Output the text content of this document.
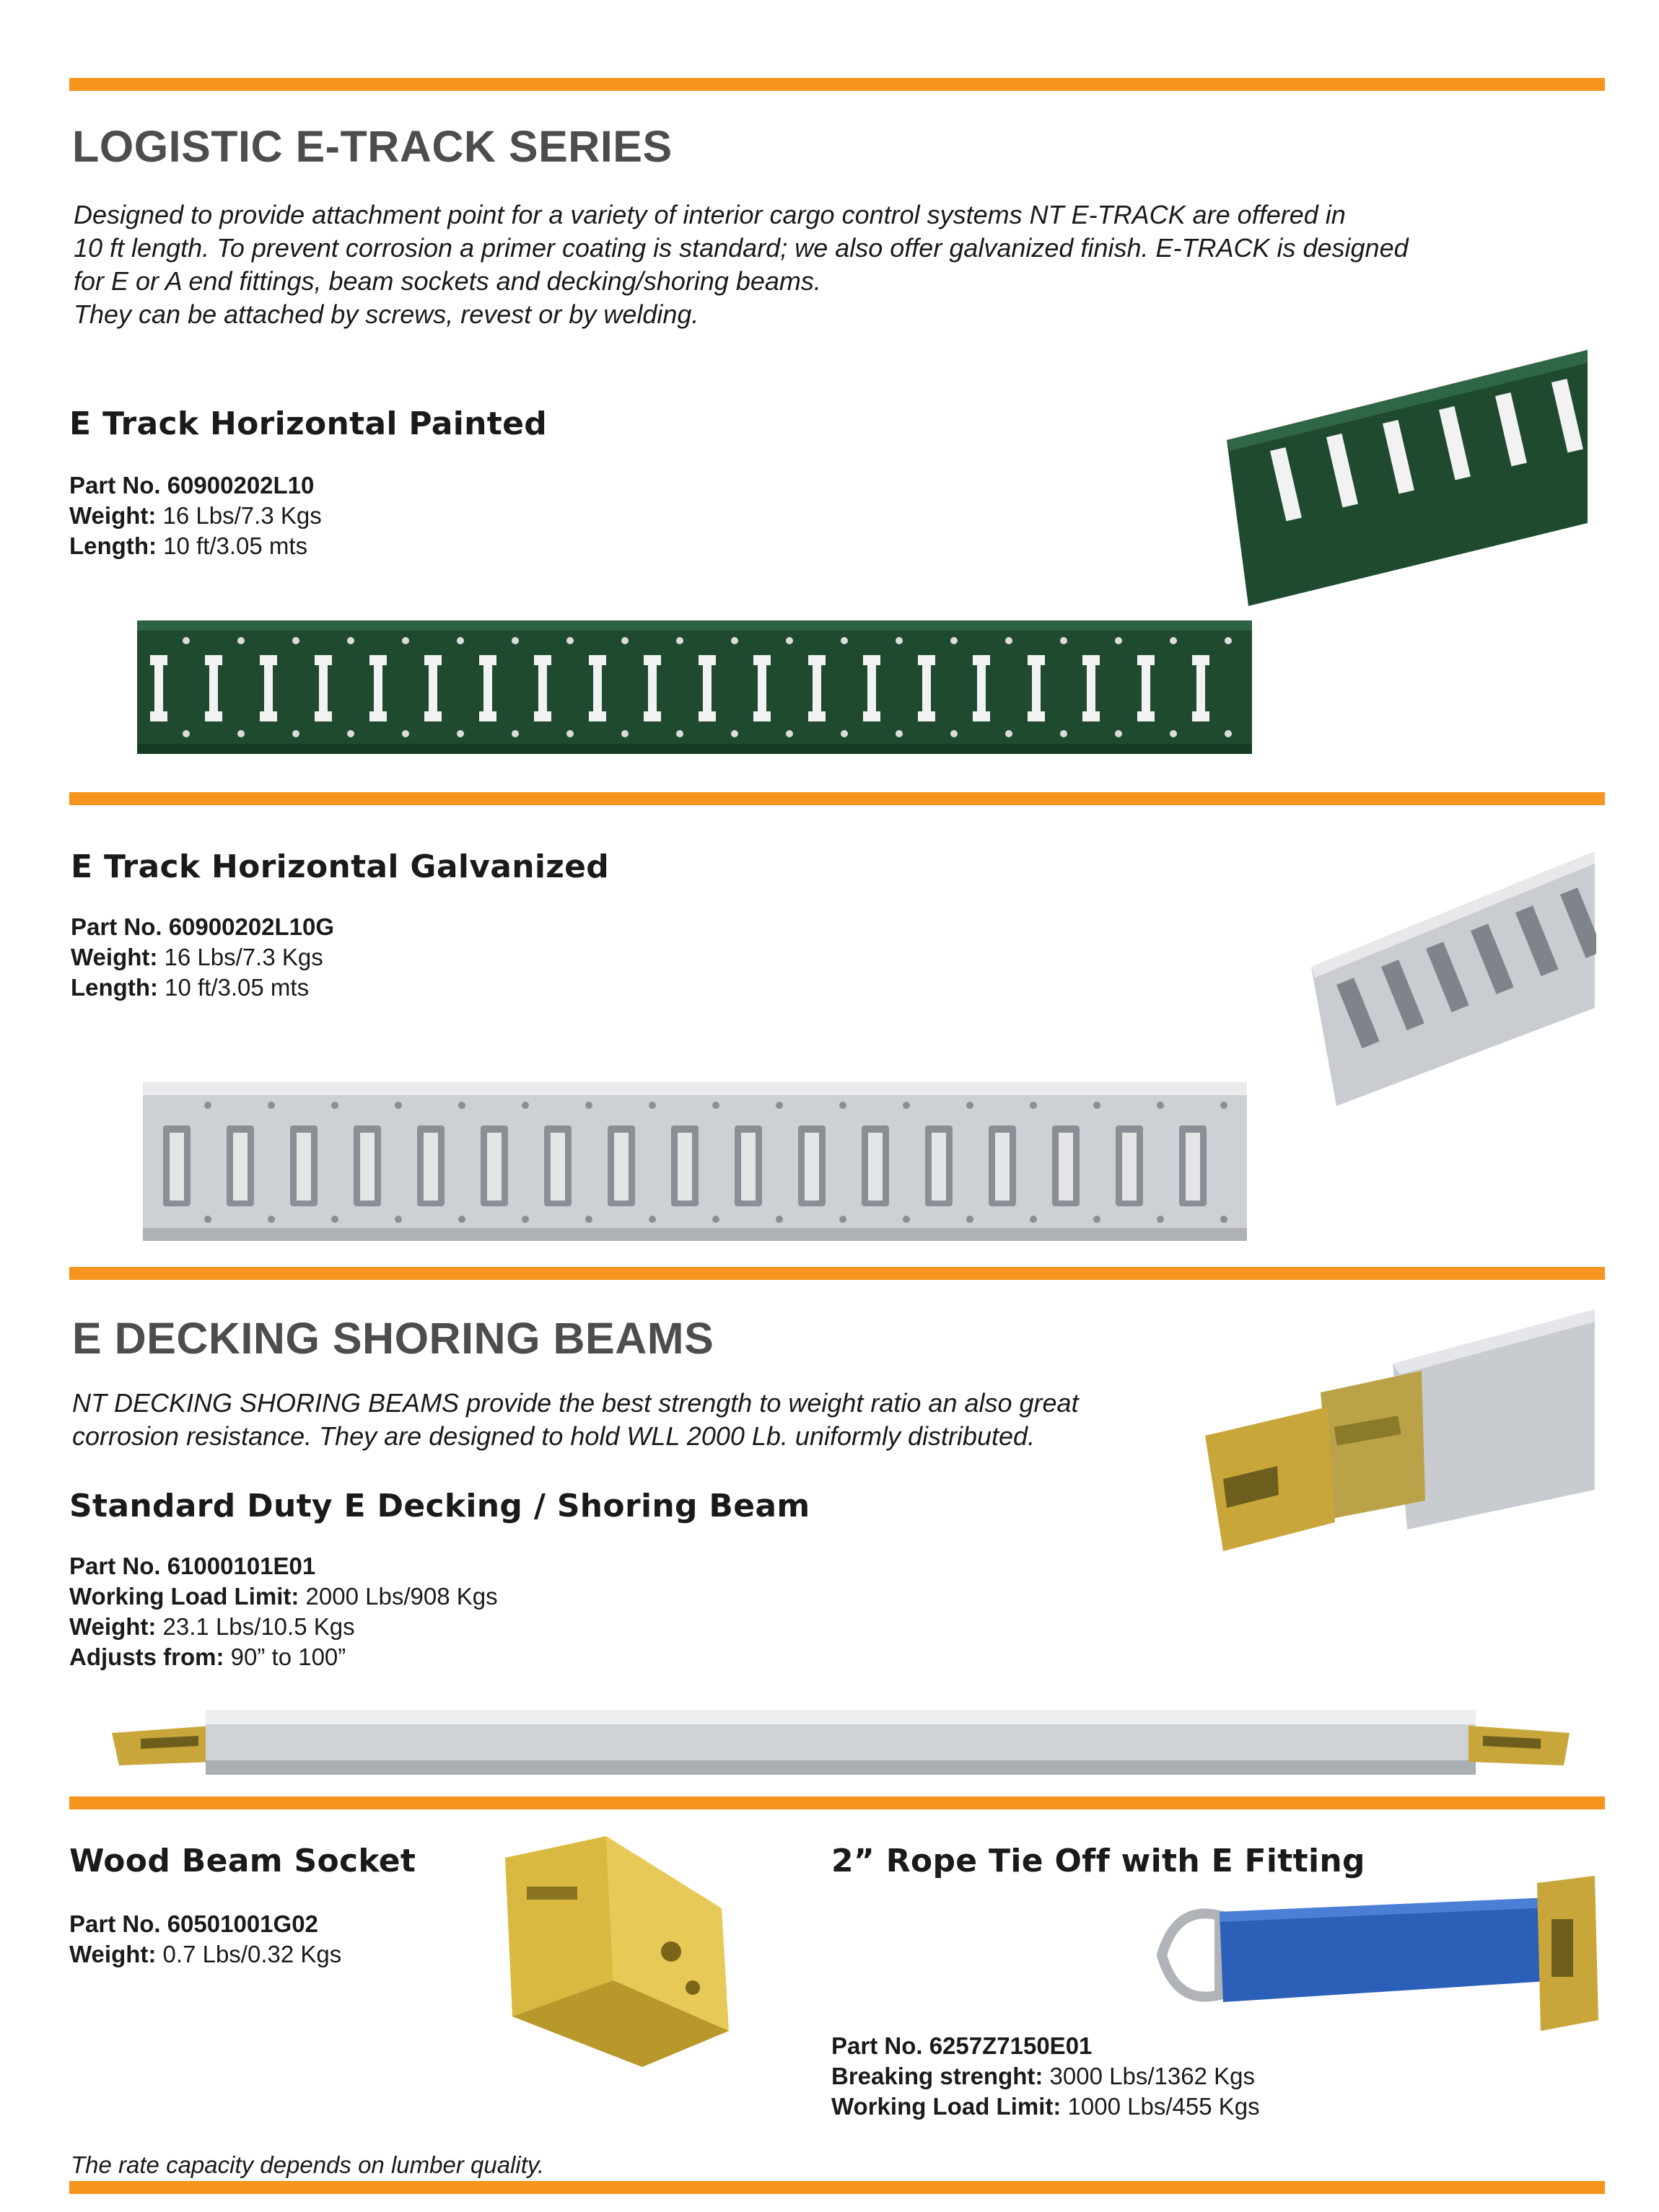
LOGISTIC E-TRACK SERIES

Designed to provide attachment point for a variety of interior cargo control systems NT E-TRACK are offered in
10 ft length. To prevent corrosion a primer coating is standard; we also offer galvanized finish. E-TRACK is designed
for E or A end fittings, beam sockets and decking/shoring beams.
They can be attached by screws, revest or by welding.

E Track Horizontal Painted
Part No. 60900202L10
Weight: 16 Lbs/7.3 Kgs
Length: 10 ft/3.05 mts
E Track Horizontal Galvanized
Part No. 60900202L10G
Weight: 16 Lbs/7.3 Kgs
Length: 10 ft/3.05 mts
E DECKING SHORING BEAMS

NT DECKING SHORING BEAMS provide the best strength to weight ratio an also great
corrosion resistance. They are designed to hold WLL 2000 Lb. uniformly distributed.

Standard Duty E Decking / Shoring Beam
Part No. 61000101E01
Working Load Limit: 2000 Lbs/908 Kgs
Weight: 23.1 Lbs/10.5 Kgs
Adjusts from: 90” to 100”
Wood Beam Socket
Part No. 60501001G02
Weight: 0.7 Lbs/0.32 Kgs
2” Rope Tie Off with E Fitting
Part No. 6257Z7150E01
Breaking strenght: 3000 Lbs/1362 Kgs
Working Load Limit: 1000 Lbs/455 Kgs
The rate capacity depends on lumber quality.
